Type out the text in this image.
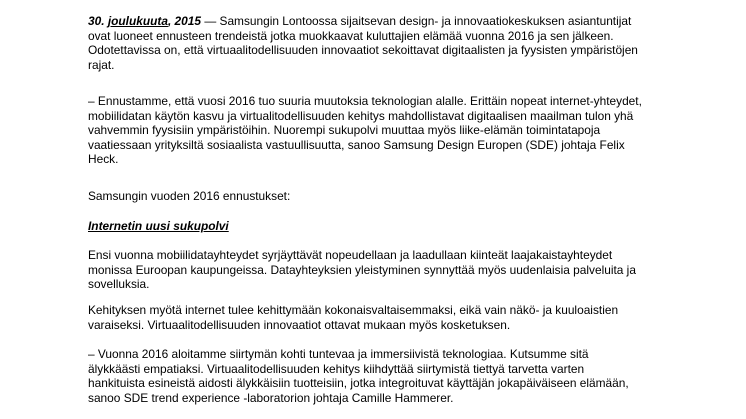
30. joulukuuta, 2015 — Samsungin Lontoossa sijaitsevan design- ja innovaatiokeskuksen asiantuntijat
ovat luoneet ennusteen trendeistä jotka muokkaavat kuluttajien elämää vuonna 2016 ja sen jälkeen.
Odotettavissa on, että virtuaalitodellisuuden innovaatiot sekoittavat digitaalisten ja fyysisten ympäristöjen
rajat.
– Ennustamme, että vuosi 2016 tuo suuria muutoksia teknologian alalle. Erittäin nopeat internet-yhteydet,
mobiilidatan käytön kasvu ja virtualitodellisuuden kehitys mahdollistavat digitaalisen maailman tulon yhä
vahvemmin fyysisiin ympäristöihin. Nuorempi sukupolvi muuttaa myös liike-elämän toimintatapoja
vaatiessaan yrityksiltä sosiaalista vastuullisuutta, sanoo Samsung Design Europen (SDE) johtaja Felix
Heck.
Samsungin vuoden 2016 ennustukset:
Internetin uusi sukupolvi
Ensi vuonna mobiilidatayhteydet syrjäyttävät nopeudellaan ja laadullaan kiinteät laajakaistayhteydet
monissa Euroopan kaupungeissa. Datayhteyksien yleistyminen synnyttää myös uudenlaisia palveluita ja
sovelluksia.
Kehityksen myötä internet tulee kehittymään kokonaisvaltaisemmaksi, eikä vain näkö- ja kuuloaistien
varaiseksi. Virtuaalitodellisuuden innovaatiot ottavat mukaan myös kosketuksen.
– Vuonna 2016 aloitamme siirtymän kohti tuntevaa ja immersiivistä teknologiaa. Kutsumme sitä
älykkäästi empatiaksi. Virtuaalitodellisuuden kehitys kiihdyttää siirtymistä tiettyä tarvetta varten
hankituista esineistä aidosti älykkäisiin tuotteisiin, jotka integroituvat käyttäjän jokapäiväiseen elämään,
sanoo SDE trend experience -laboratorion johtaja Camille Hammerer.
